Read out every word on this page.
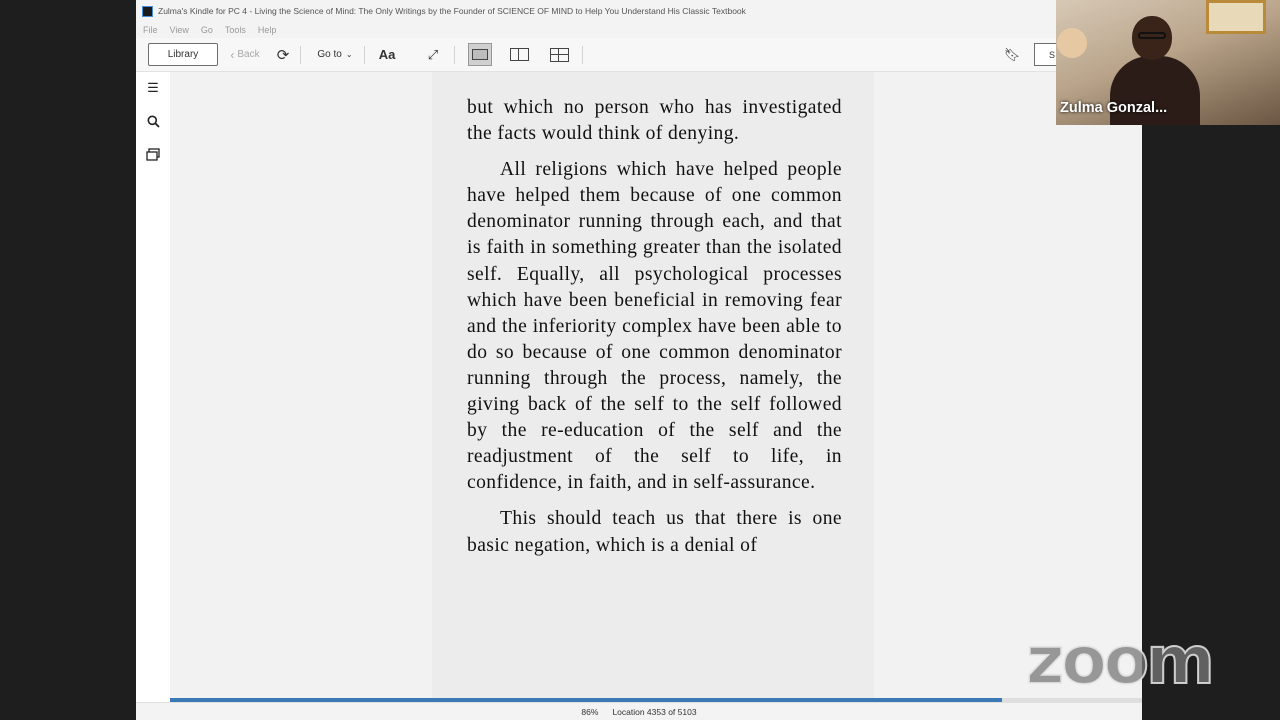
Zulma's Kindle for PC 4 - Living the Science of Mind: The Only Writings by the Founder of SCIENCE OF MIND to Help You Understand His Classic Textbook
File View Go Tools Help
Library	‹ Back	⟳	Go to ⌄	Aa	⤢	🔖︎	S
☰

but which no person who has investigated the facts would think of denying.

All religions which have helped people have helped them because of one common denominator running through each, and that is faith in something greater than the isolated self. Equally, all psychological processes which have been beneficial in removing fear and the inferiority complex have been able to do so because of one common denominator running through the process, namely, the giving back of the self to the self followed by the re-education of the self and the readjustment of the self to life, in confidence, in faith, and in self-assurance.

This should teach us that there is one basic negation, which is a denial of

86% Location 4353 of 5103
Zulma Gonzal...
zoom
